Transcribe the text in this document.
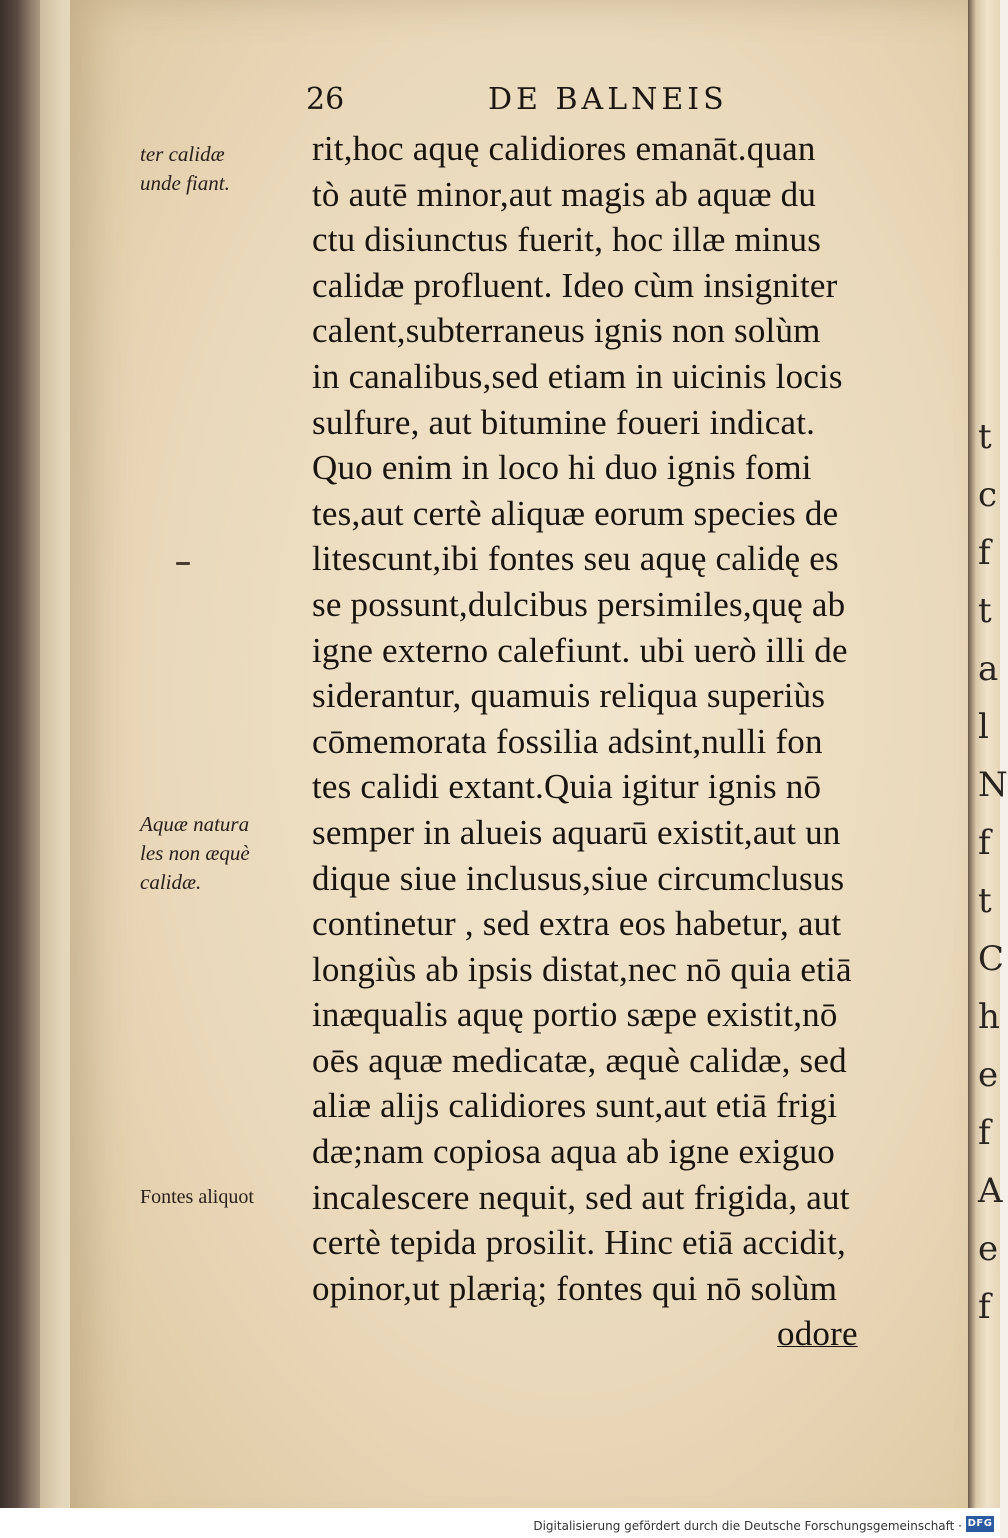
t
c
f
t
a
l
N
f
t
C
h
e
f
A
e
f
26	DE BALNEIS
rit,hoc aquę calidiores emanāt.quan
tò autē minor,aut magis ab aquæ du
ctu disiunctus fuerit, hoc illæ minus
calidæ profluent. Ideo cùm insigniter
calent,subterraneus ignis non solùm
in canalibus,sed etiam in uicinis locis
sulfure, aut bitumine foueri indicat.
Quo enim in loco hi duo ignis fomi
tes,aut certè aliquæ eorum species de
litescunt,ibi fontes seu aquę calidę es
se possunt,dulcibus persimiles,quę ab
igne externo calefiunt. ubi uerò illi de
siderantur, quamuis reliqua superiùs
cōmemorata fossilia adsint,nulli fon
tes calidi extant.Quia igitur ignis nō
semper in alueis aquarū existit,aut un
dique siue inclusus,siue circumclusus
continetur , sed extra eos habetur, aut
longiùs ab ipsis distat,nec nō quia etiā
inæqualis aquę portio sæpe existit,nō
oēs aquæ medicatæ, æquè calidæ, sed
aliæ alijs calidiores sunt,aut etiā frigi
dæ;nam copiosa aqua ab igne exiguo
incalescere nequit, sed aut frigida, aut
certè tepida prosilit. Hinc etiā accidit,
opinor,ut plærią; fontes qui nō solùm
odore
ter calidæ
unde fiant.
Aquæ natura
les non æquè
calidæ.
Fontes aliquot
Digitalisierung gefördert durch die Deutsche Forschungsgemeinschaft · DFG
